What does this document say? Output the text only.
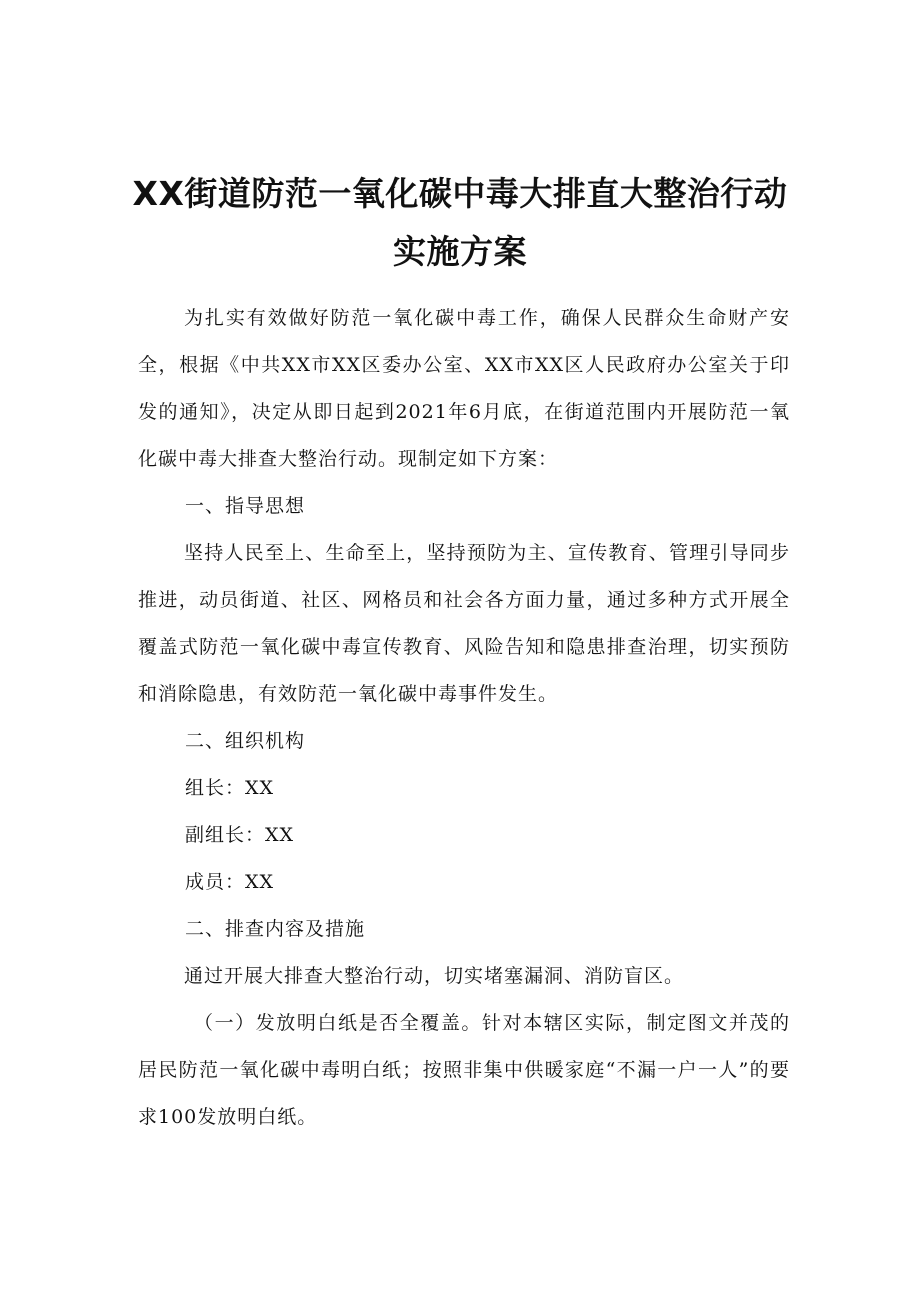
XX街道防范一氧化碳中毒大排直大整治行动
实施方案
为扎实有效做好防范一氧化碳中毒工作，确保人民群众生命财产安全，根据《中共XX市XX区委办公室、XX市XX区人民政府办公室关于印发的通知》，决定从即日起到2021年6月底，在街道范围内开展防范一氧化碳中毒大排查大整治行动。现制定如下方案：
一、指导思想
坚持人民至上、生命至上，坚持预防为主、宣传教育、管理引导同步推进，动员街道、社区、网格员和社会各方面力量，通过多种方式开展全覆盖式防范一氧化碳中毒宣传教育、风险告知和隐患排查治理，切实预防和消除隐患，有效防范一氧化碳中毒事件发生。
二、组织机构
组长：XX
副组长：XX
成员：XX
二、排查内容及措施
通过开展大排查大整治行动，切实堵塞漏洞、消防盲区。
（一）发放明白纸是否全覆盖。针对本辖区实际，制定图文并茂的居民防范一氧化碳中毒明白纸；按照非集中供暖家庭“不漏一户一人”的要求100发放明白纸。
